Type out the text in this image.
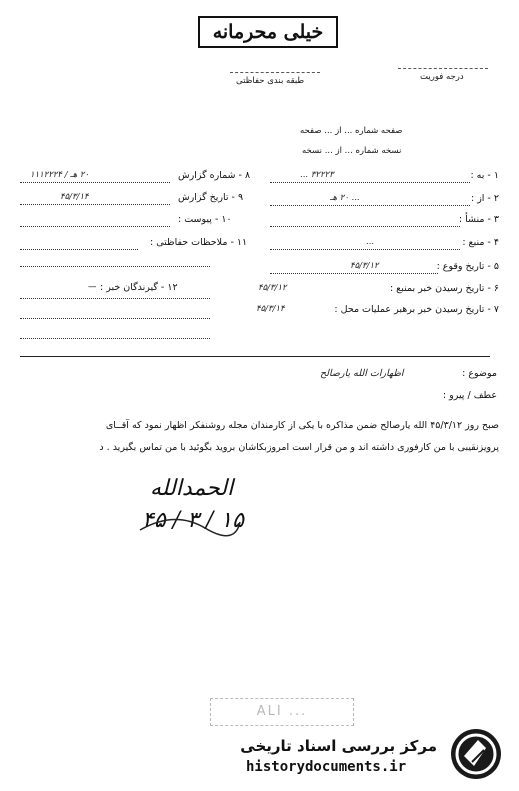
خیلی محرمانه
طبقه بندی حفاظتی	درجه فوریت
صفحه شماره ... از ... صفحه
نسخه شماره ... از ... نسخه
۱ - به :
۳۲۲۲۳ ...
۲ - از :
... ۲۰ هـ
۳ - منشأ :
۴ - منبع :
...
۵ - تاریخ وقوع :
۴۵/۳/۱۲
۶ - تاریخ رسیدن خبر بمنبع :
۴۵/۳/۱۲
۷ - تاریخ رسیدن خبر برهبر عملیات محل :
۴۵/۳/۱۴
۸ - شماره گزارش
۲۰ هـ / ۱۱۱۲۲۲۴
۹ - تاریخ گزارش
۴۵/۳/۱۴
۱۰ - پیوست :
۱۱ - ملاحظات حفاظتی :
۱۲ - گیرندگان خبر :
—
موضوع :
اظهارات الله یارصالح
عطف / پیرو :
صبح روز ۴۵/۳/۱۲ الله یارصالح ضمن مذاکره با یکی از کارمندان مجله روشنفکر اظهار نمود که آقــای
پرویزنقیبی با من کارفوری داشته اند و من قرار است امروزبکاشان بروید بگوئید با من تماس بگیرید . د
الحمدالله
۱۵ / ۳ / ۴۵
ALI ...
مرکز بررسی اسناد تاریخی
historydocuments.ir
